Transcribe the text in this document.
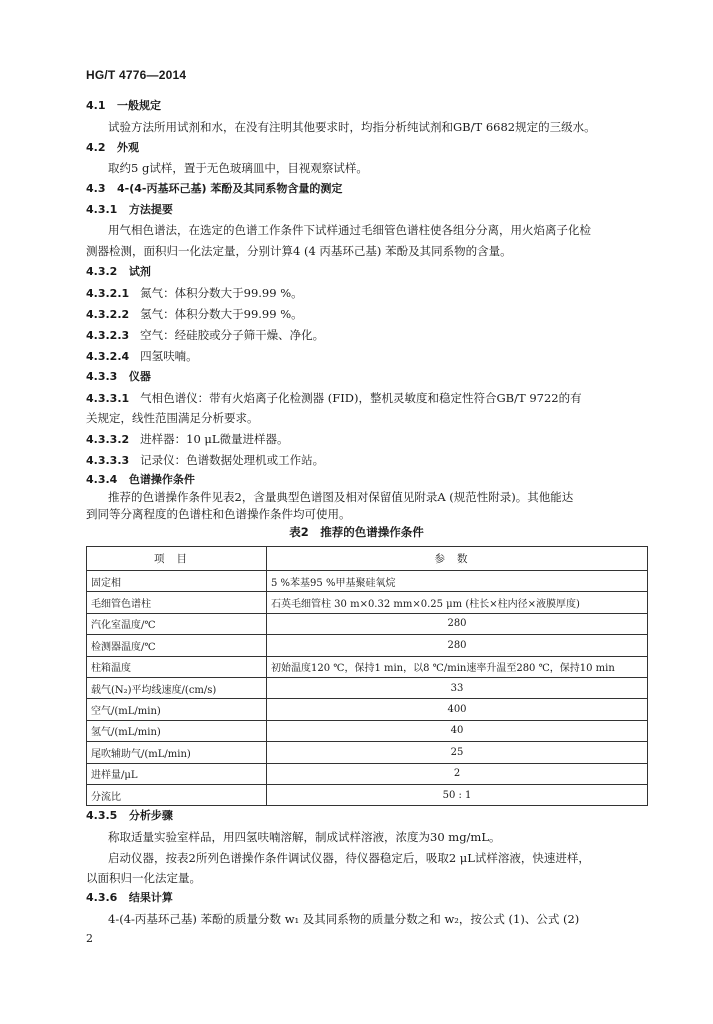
HG/T 4776—2014
4.1 一般规定
试验方法所用试剂和水，在没有注明其他要求时，均指分析纯试剂和GB/T 6682规定的三级水。
4.2 外观
取约5 g试样，置于无色玻璃皿中，目视观察试样。
4.3 4-(4-丙基环己基) 苯酚及其同系物含量的测定
4.3.1 方法提要
用气相色谱法，在选定的色谱工作条件下试样通过毛细管色谱柱使各组分分离，用火焰离子化检
测器检测，面积归一化法定量，分别计算4 (4 丙基环己基) 苯酚及其同系物的含量。
4.3.2 试剂
4.3.2.1 氮气：体积分数大于99.99 %。
4.3.2.2 氢气：体积分数大于99.99 %。
4.3.2.3 空气：经硅胶或分子筛干燥、净化。
4.3.2.4 四氢呋喃。
4.3.3 仪器
4.3.3.1 气相色谱仪：带有火焰离子化检测器 (FID)，整机灵敏度和稳定性符合GB/T 9722的有
关规定，线性范围满足分析要求。
4.3.3.2 进样器：10 μL微量进样器。
4.3.3.3 记录仪：色谱数据处理机或工作站。
4.3.4 色谱操作条件
推荐的色谱操作条件见表2，含量典型色谱图及相对保留值见附录A (规范性附录)。其他能达
表2　推荐的色谱操作条件
到同等分离程度的色谱柱和色谱操作条件均可使用。
项目	参数
固定相	5 %苯基95 %甲基聚硅氧烷
毛细管色谱柱	石英毛细管柱 30 m×0.32 mm×0.25 μm (柱长×柱内径×液膜厚度)
汽化室温度/℃	280
检测器温度/℃	280
柱箱温度	初始温度120 ℃，保持1 min，以8 ℃/min速率升温至280 ℃，保持10 min
载气(N₂)平均线速度/(cm/s)	33
空气/(mL/min)	400
氢气/(mL/min)	40
尾吹辅助气/(mL/min)	25
进样量/μL	2
分流比	50 : 1
4.3.5 分析步骤
称取适量实验室样品，用四氢呋喃溶解，制成试样溶液，浓度为30 mg/mL。
启动仪器，按表2所列色谱操作条件调试仪器，待仪器稳定后，吸取2 μL试样溶液，快速进样，
以面积归一化法定量。
4.3.6 结果计算
4-(4-丙基环己基) 苯酚的质量分数 w₁ 及其同系物的质量分数之和 w₂，按公式 (1)、公式 (2)
2
